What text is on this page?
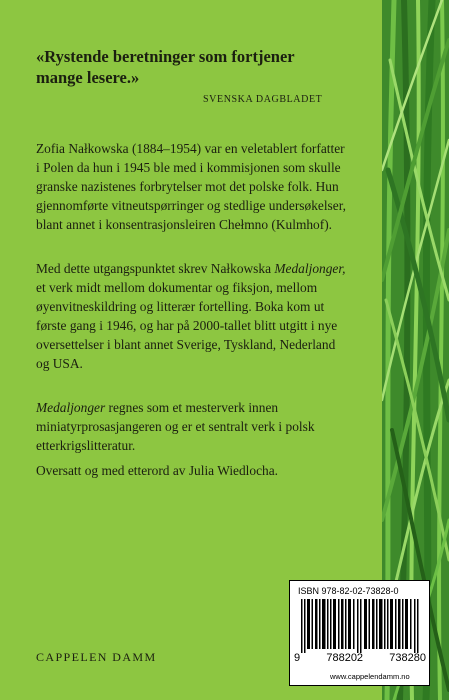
«Rystende beretninger som fortjener mange lesere.»

SVENSKA DAGBLADET

Zofia Nałkowska (1884–1954) var en veletablert forfatter i Polen da hun i 1945 ble med i kommisjonen som skulle granske nazistenes forbrytelser mot det polske folk. Hun gjennomførte vitneutspørringer og stedlige undersøkelser, blant annet i konsentrasjonsleiren Chełmno (Kulmhof).

Med dette utgangspunktet skrev Nałkowska Medaljonger, et verk midt mellom dokumentar og fiksjon, mellom øyenvitneskildring og litterær fortelling. Boka kom ut første gang i 1946, og har på 2000-tallet blitt utgitt i nye oversettelser i blant annet Sverige, Tyskland, Nederland og USA.

Medaljonger regnes som et mesterverk innen miniatyrprosasjangeren og er et sentralt verk i polsk etterkrigslitteratur.

Oversatt og med etterord av Julia Wiedlocha.

CAPPELEN DAMM

ISBN 978-82-02-73828-0
9 788202 738280
www.cappelendamm.no
